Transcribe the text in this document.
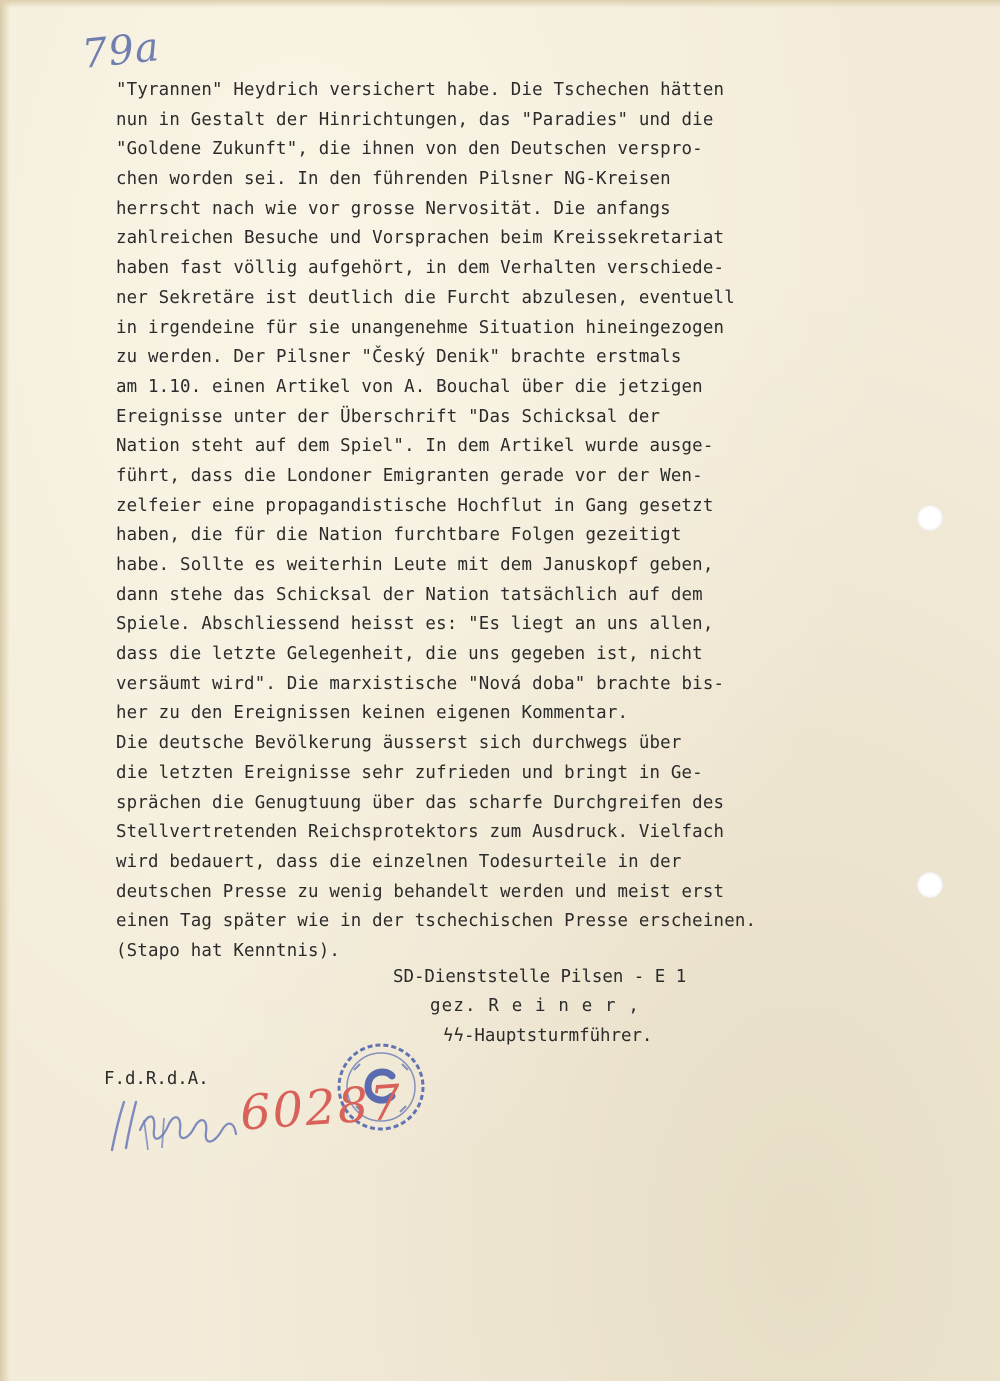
79a
"Tyrannen" Heydrich versichert habe. Die Tschechen hätten
nun in Gestalt der Hinrichtungen, das "Paradies" und die
"Goldene Zukunft", die ihnen von den Deutschen verspro-
chen worden sei. In den führenden Pilsner NG-Kreisen
herrscht nach wie vor grosse Nervosität. Die anfangs
zahlreichen Besuche und Vorsprachen beim Kreissekretariat
haben fast völlig aufgehört, in dem Verhalten verschiede-
ner Sekretäre ist deutlich die Furcht abzulesen, eventuell
in irgendeine für sie unangenehme Situation hineingezogen
zu werden. Der Pilsner "Český Denik" brachte erstmals
am 1.10. einen Artikel von A. Bouchal über die jetzigen
Ereignisse unter der Überschrift "Das Schicksal der
Nation steht auf dem Spiel". In dem Artikel wurde ausge-
führt, dass die Londoner Emigranten gerade vor der Wen-
zelfeier eine propagandistische Hochflut in Gang gesetzt
haben, die für die Nation furchtbare Folgen gezeitigt
habe. Sollte es weiterhin Leute mit dem Januskopf geben,
dann stehe das Schicksal der Nation tatsächlich auf dem
Spiele. Abschliessend heisst es: "Es liegt an uns allen,
dass die letzte Gelegenheit, die uns gegeben ist, nicht
versäumt wird". Die marxistische "Nová doba" brachte bis-
her zu den Ereignissen keinen eigenen Kommentar.
Die deutsche Bevölkerung äusserst sich durchwegs über
die letzten Ereignisse sehr zufrieden und bringt in Ge-
sprächen die Genugtuung über das scharfe Durchgreifen des
Stellvertretenden Reichsprotektors zum Ausdruck. Vielfach
wird bedauert, dass die einzelnen Todesurteile in der
deutschen Presse zu wenig behandelt werden und meist erst
einen Tag später wie in der tschechischen Presse erscheinen.
(Stapo hat Kenntnis).
SD-Dienststelle Pilsen - E 1
gez. R e i n e r ,
ϟϟ-Hauptsturmführer.
F.d.R.d.A. 60287
